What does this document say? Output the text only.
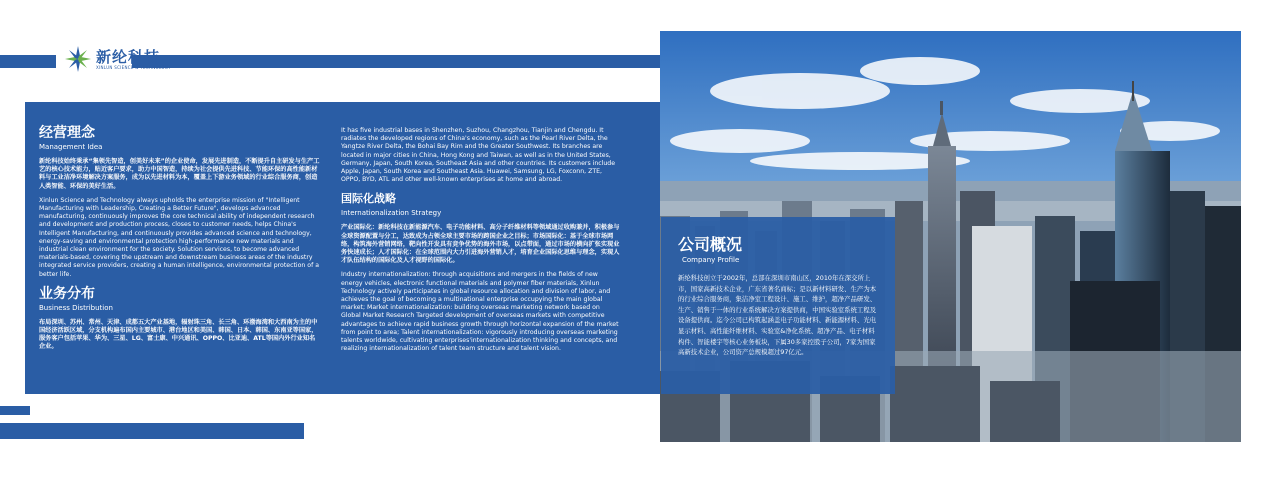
新纶科技
XINLUN SCIENCE & TECHNOLOGY

经营理念

Management Idea

新纶科技始终秉承“集领先智造，创美好未来”的企业使命，发展先进制造，不断提升自主研发与生产工艺的核心技术能力，贴近客户要求，助力中国智造，持续为社会提供先进科技、节能环保的高性能新材料与工业洁净环境解决方案服务，成为以先进材料为本，覆盖上下游业务领域的行业综合服务商，创造人类智能、环保的美好生活。

Xinlun Science and Technology always upholds the enterprise mission of "Intelligent Manufacturing with Leadership, Creating a Better Future", develops advanced manufacturing, continuously improves the core technical ability of independent research and development and production process, closes to customer needs, helps China's Intelligent Manufacturing, and continuously provides advanced science and technology, energy-saving and environmental protection high-performance new materials and industrial clean environment for the society. Solution services, to become advanced materials-based, covering the upstream and downstream business areas of the industry integrated service providers, creating a human intelligence, environmental protection of a better life.

业务分布

Business Distribution

布局深圳、苏州、常州、天津、成都五大产业基地，辐射珠三角、长三角、环渤海湾和大西南为主的中国经济活跃区域，分支机构遍布国内主要城市、港台地区和美国、韩国、日本、韩国、东南亚等国家，服务客户包括苹果、华为、三星、LG、富士康、中兴通讯、OPPO、比亚迪、ATL等国内外行业知名企业。

It has five industrial bases in Shenzhen, Suzhou, Changzhou, Tianjin and Chengdu. It radiates the developed regions of China's economy, such as the Pearl River Delta, the Yangtze River Delta, the Bohai Bay Rim and the Greater Southwest. Its branches are located in major cities in China, Hong Kong and Taiwan, as well as in the United States, Germany, Japan, South Korea, Southeast Asia and other countries. Its customers include Apple, Japan, South Korea and Southeast Asia. Huawei, Samsung, LG, Foxconn, ZTE, OPPO, BYD, ATL and other well-known enterprises at home and abroad.

国际化战略

Internationalization Strategy

产业国际化：新纶科技在新能源汽车、电子功能材料、高分子纤维材料等领域通过收购兼并，积极参与全球资源配置与分工，达致成为占领全球主要市场的跨国企业之目标；市场国际化：基于全球市场网络，构筑海外营销网络，靶向性开发具有竞争优势的海外市场，以点带面，通过市场的横向扩张实现业务快速成长；人才国际化：在全球范围内大力引进海外营销人才，培育企业国际化思维与理念，实现人才队伍结构的国际化及人才视野的国际化。

Industry internationalization: through acquisitions and mergers in the fields of new energy vehicles, electronic functional materials and polymer fiber materials, Xinlun Technology actively participates in global resource allocation and division of labor, and achieves the goal of becoming a multinational enterprise occupying the main global market; Market internationalization: building overseas marketing network based on Global Market Research Targeted development of overseas markets with competitive advantages to achieve rapid business growth through horizontal expansion of the market from point to area; Talent internationalization: vigorously introducing overseas marketing talents worldwide, cultivating enterprises'internationalization thinking and concepts, and realizing internationalization of talent team structure and talent vision.

公司概况

Company Profile

新纶科技创立于2002年，总部在深圳市南山区，2010年在深交所上市，国家高新技术企业，广东省著名商标；是以新材料研发、生产为本的行业综合服务商，集洁净室工程设计、施工、维护，超净产品研发、生产、销售于一体的行业系统解决方案提供商，中国实验室系统工程及设备提供商。迄今公司已构筑起涵盖电子功能材料、新能源材料、光电显示材料、高性能纤维材料、实验室&净化系统、超净产品、电子材料构件、智能楼宇等核心业务板块，下属30多家控股子公司，7家为国家高新技术企业，公司资产总规模超过97亿元。
